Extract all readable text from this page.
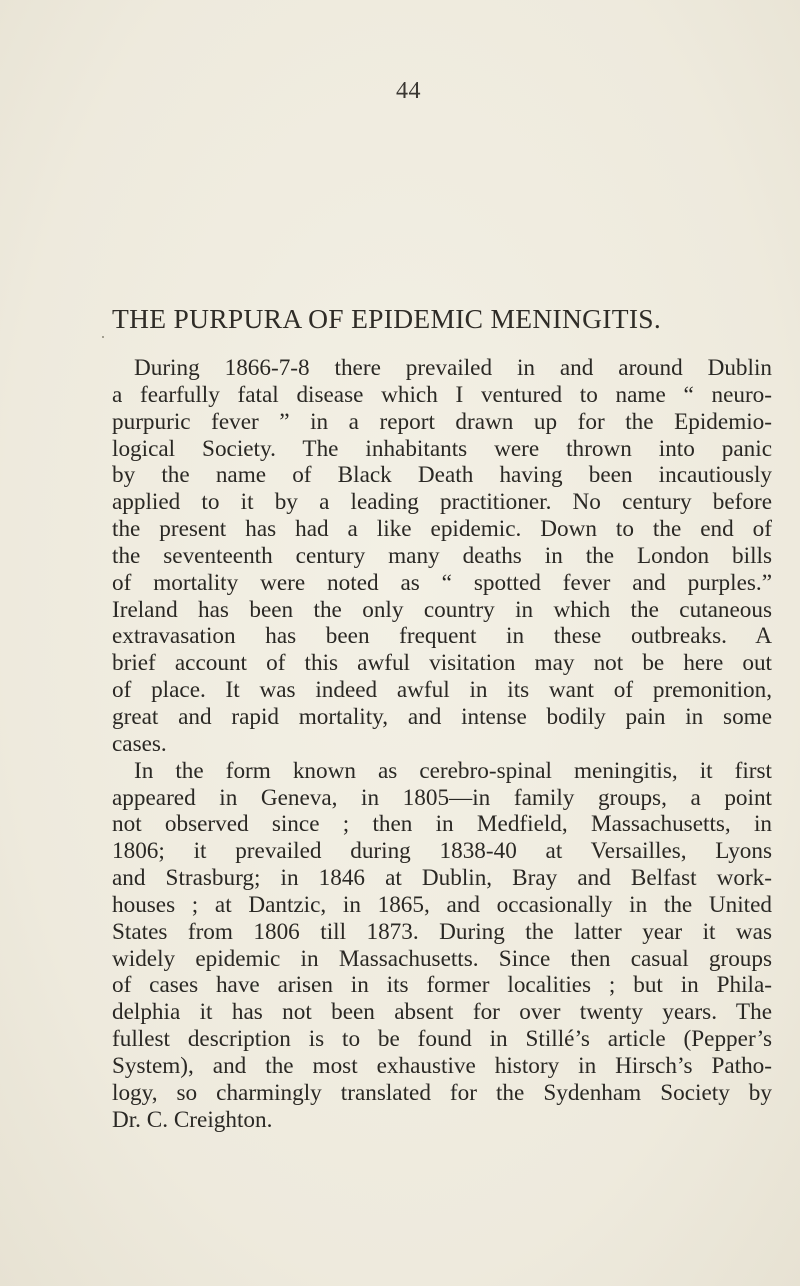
44
THE PURPURA OF EPIDEMIC MENINGITIS.
During 1866-7-8 there prevailed in and around Dublin
a fearfully fatal disease which I ventured to name “ neuro-
purpuric fever ” in a report drawn up for the Epidemio-
logical Society. The inhabitants were thrown into panic
by the name of Black Death having been incautiously
applied to it by a leading practitioner. No century before
the present has had a like epidemic. Down to the end of
the seventeenth century many deaths in the London bills
of mortality were noted as “ spotted fever and purples.”
Ireland has been the only country in which the cutaneous
extravasation has been frequent in these outbreaks. A
brief account of this awful visitation may not be here out
of place. It was indeed awful in its want of premonition,
great and rapid mortality, and intense bodily pain in some
cases.
In the form known as cerebro-spinal meningitis, it first
appeared in Geneva, in 1805—in family groups, a point
not observed since ; then in Medfield, Massachusetts, in
1806; it prevailed during 1838-40 at Versailles, Lyons
and Strasburg; in 1846 at Dublin, Bray and Belfast work-
houses ; at Dantzic, in 1865, and occasionally in the United
States from 1806 till 1873. During the latter year it was
widely epidemic in Massachusetts. Since then casual groups
of cases have arisen in its former localities ; but in Phila-
delphia it has not been absent for over twenty years. The
fullest description is to be found in Stillé’s article (Pepper’s
System), and the most exhaustive history in Hirsch’s Patho-
logy, so charmingly translated for the Sydenham Society by
Dr. C. Creighton.
